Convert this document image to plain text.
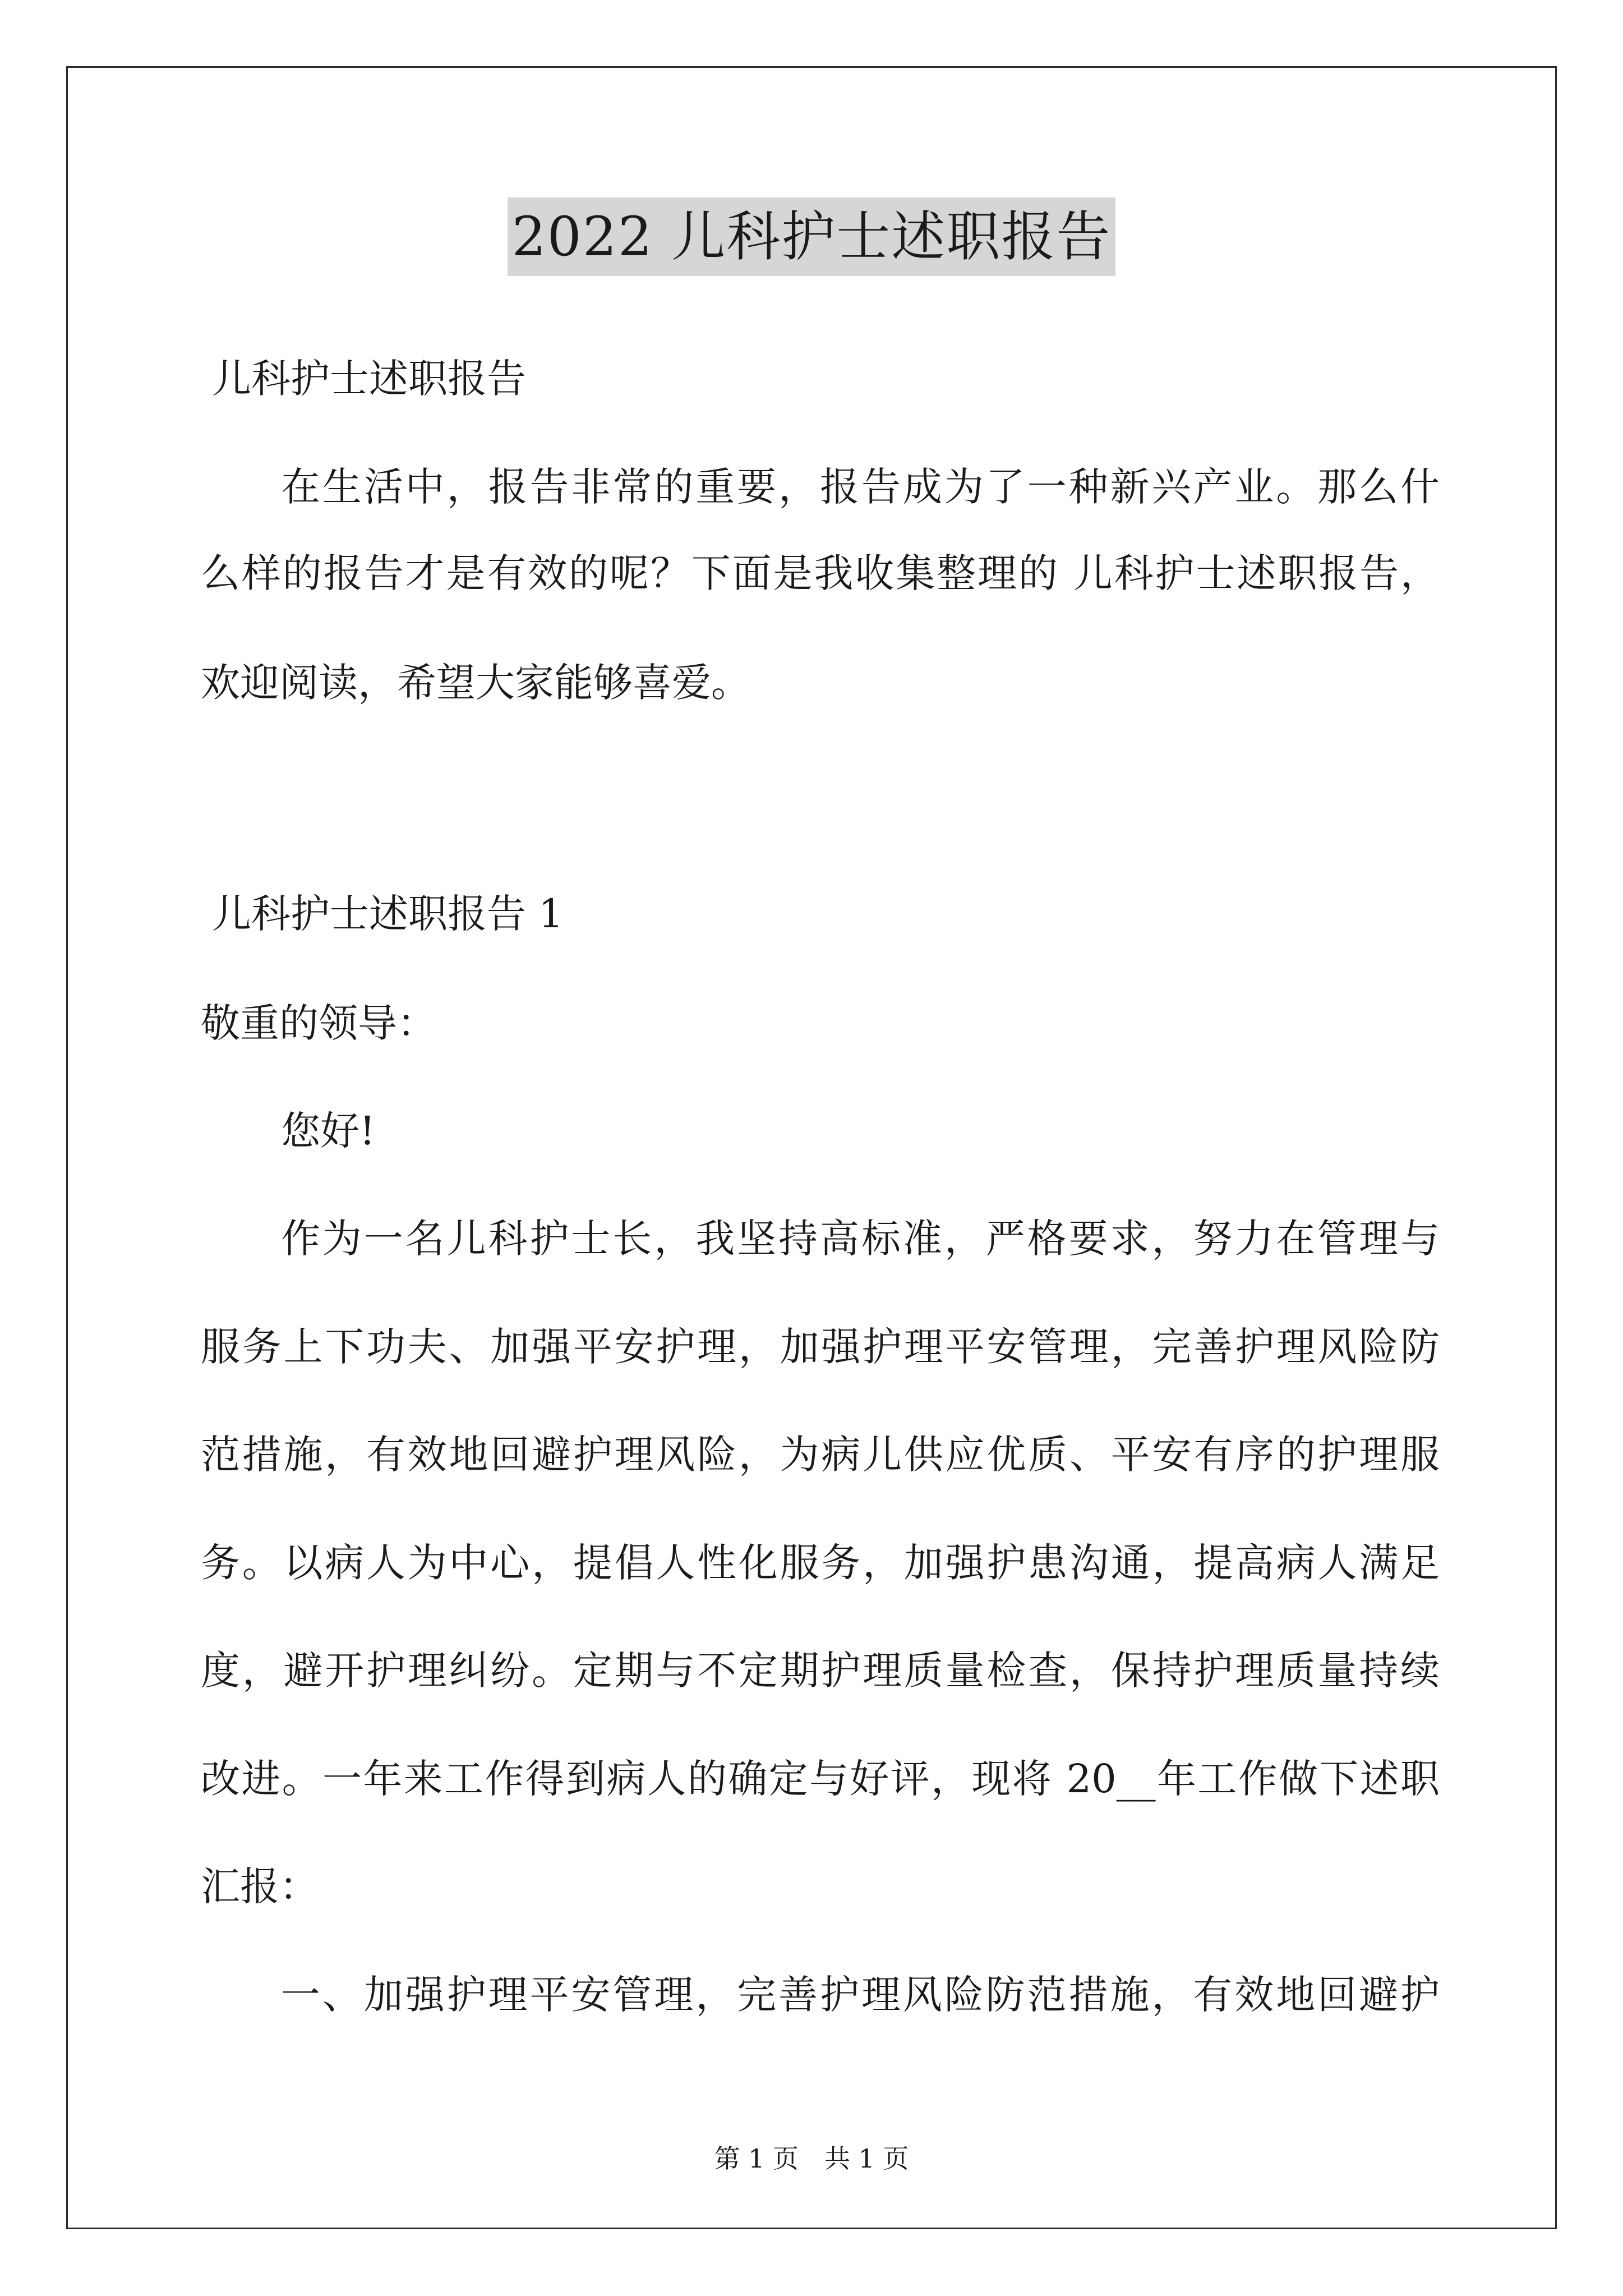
2022 儿科护士述职报告
儿科护士述职报告
在生活中，报告非常的重要，报告成为了一种新兴产业。那么什
么样的报告才是有效的呢？下面是我收集整理的 儿科护士述职报告，
欢迎阅读，希望大家能够喜爱。
儿科护士述职报告 1
敬重的领导：
您好!
作为一名儿科护士长，我坚持高标准，严格要求，努力在管理与
服务上下功夫、加强平安护理，加强护理平安管理，完善护理风险防
范措施，有效地回避护理风险，为病儿供应优质、平安有序的护理服
务。以病人为中心，提倡人性化服务，加强护患沟通，提高病人满足
度，避开护理纠纷。定期与不定期护理质量检查，保持护理质量持续
改进。一年来工作得到病人的确定与好评，现将 20__年工作做下述职
汇报：
一、加强护理平安管理，完善护理风险防范措施，有效地回避护
第 1 页　共 1 页
